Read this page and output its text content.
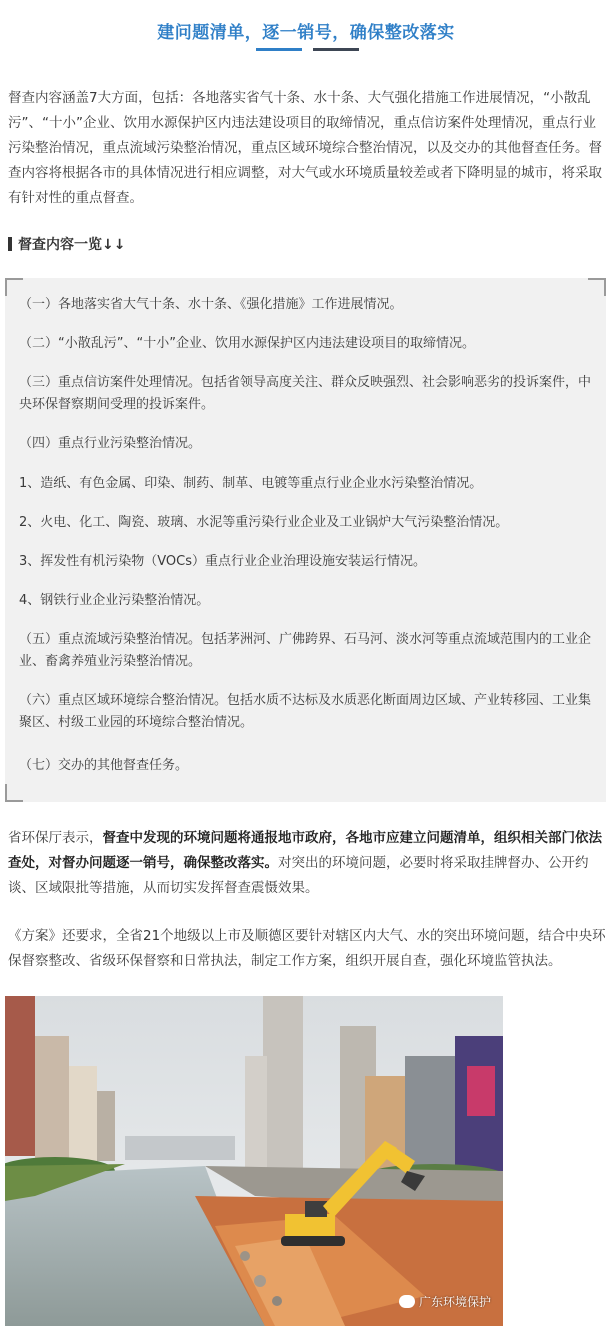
建问题清单，逐一销号，确保整改落实

督查内容涵盖7大方面，包括：各地落实省气十条、水十条、大气强化措施工作进展情况，“小散乱污”、“十小”企业、饮用水源保护区内违法建设项目的取缔情况，重点信访案件处理情况，重点行业污染整治情况，重点流域污染整治情况，重点区域环境综合整治情况，以及交办的其他督查任务。督查内容将根据各市的具体情况进行相应调整，对大气或水环境质量较差或者下降明显的城市，将采取有针对性的重点督查。

督查内容一览↓↓

（一）各地落实省大气十条、水十条、《强化措施》工作进展情况。

（二）“小散乱污”、“十小”企业、饮用水源保护区内违法建设项目的取缔情况。

（三）重点信访案件处理情况。包括省领导高度关注、群众反映强烈、社会影响恶劣的投诉案件，中央环保督察期间受理的投诉案件。

（四）重点行业污染整治情况。

1、造纸、有色金属、印染、制药、制革、电镀等重点行业企业水污染整治情况。

2、火电、化工、陶瓷、玻璃、水泥等重污染行业企业及工业锅炉大气污染整治情况。

3、挥发性有机污染物（VOCs）重点行业企业治理设施安装运行情况。

4、钢铁行业企业污染整治情况。

（五）重点流域污染整治情况。包括茅洲河、广佛跨界、石马河、淡水河等重点流域范围内的工业企业、畜禽养殖业污染整治情况。

（六）重点区域环境综合整治情况。包括水质不达标及水质恶化断面周边区域、产业转移园、工业集聚区、村级工业园的环境综合整治情况。

（七）交办的其他督查任务。

省环保厅表示，督查中发现的环境问题将通报地市政府，各地市应建立问题清单，组织相关部门依法查处，对督办问题逐一销号，确保整改落实。对突出的环境问题，必要时将采取挂牌督办、公开约谈、区域限批等措施，从而切实发挥督查震慑效果。

《方案》还要求，全省21个地级以上市及顺德区要针对辖区内大气、水的突出环境问题，结合中央环保督察整改、省级环保督察和日常执法，制定工作方案，组织开展自查，强化环境监管执法。

广东环境保护
